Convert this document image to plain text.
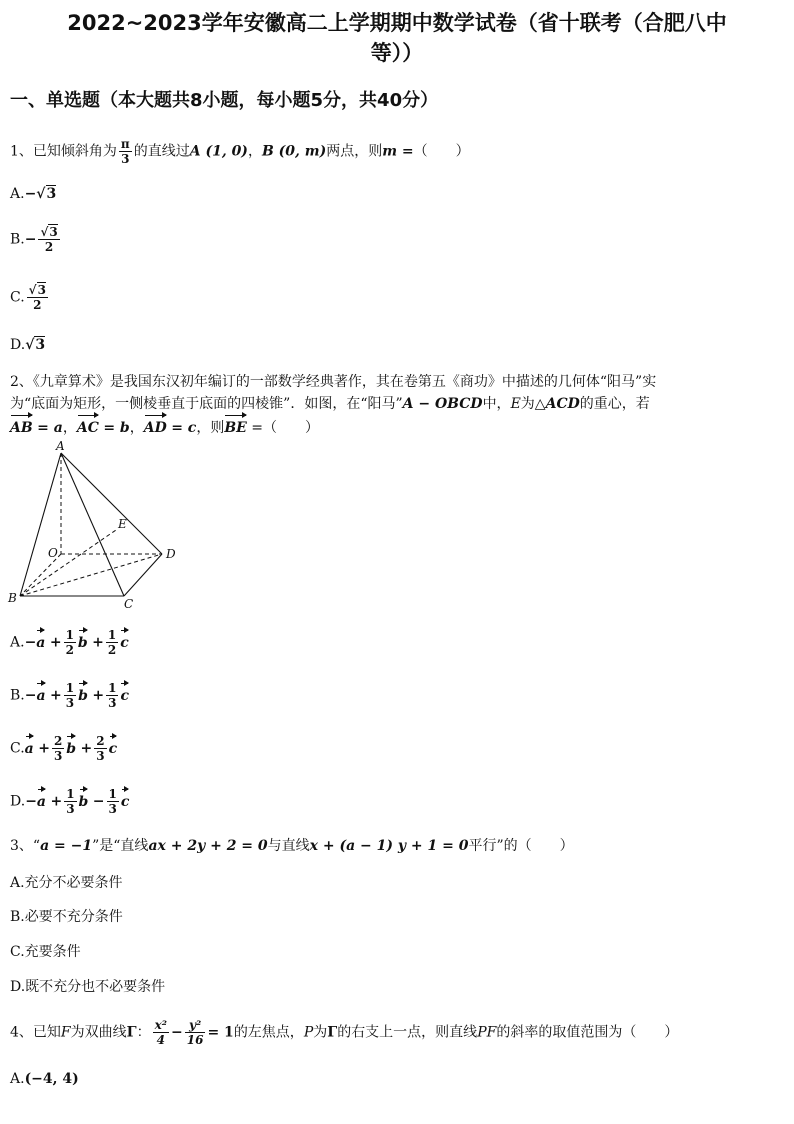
2022~2023学年安徽高二上学期期中数学试卷（省十联考（合肥八中
等））
一、单选题（本大题共8小题，每小题5分，共40分）
1、已知倾斜角为 $\frac{\pi}{3}$ 的直线过A (1, 0)，B (0, m)两点，则m =（　　）
A.−√3
$B.- \frac{√3}{2}$
C. $\frac{√3}{2}$
D.√3
2、《九章算术》是我国东汉初年编订的一部数学经典著作，其在卷第五《商功》中描述的几何体“阳马”实
为“底面为矩形，一侧棱垂直于底面的四棱锥”．如图，在“阳马”A − OBCD中，E为△ACD的重心，若
AB = a，AC = b，AD = c，则BE =（　　）
A
E
O	D
B	C
$A.-a + \frac{1}{2}$ $b + \frac{1}{2}$ c
$B.-a + \frac{1}{3}$ $b + \frac{1}{3}$ c
$C.a + \frac{2}{3}$ $b + \frac{2}{3}$ c
$D.-a + \frac{1}{3}$ $b - \frac{1}{3}$ c
3、“a = −1”是“直线ax + 2y + 2 = 0与直线x + (a − 1) y + 1 = 0平行”的（　　）
A.充分不必要条件
B.必要不充分条件
C.充要条件
D.既不充分也不必要条件
4、已知F为双曲线Γ： $\frac{\text{x²}}{4} - \frac{\text{y²}}{16} = 1$的左焦点，P为Γ的右支上一点，则直线PF的斜率的取值范围为（　　）
A.(−4, 4)
